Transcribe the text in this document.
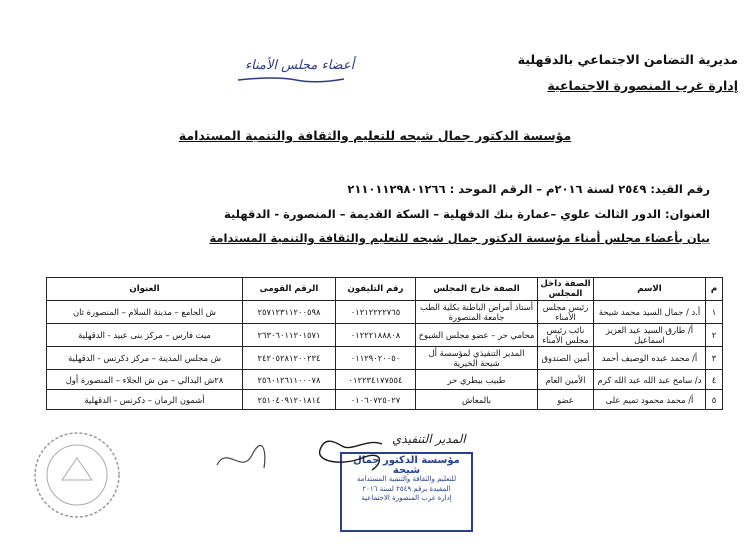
مديرية التضامن الاجتماعي بالدقهلية
إدارة غرب المنصورة الاجتماعية
أعضاء مجلس الأمناء
مؤسسة الدكتور جمال شيحه للتعليم والثقافة والتنمية المستدامة
رقم القيد: ٢٥٤٩ لسنة ٢٠١٦م – الرقم الموحد : ٢١١٠١١٢٩٨٠١٢٦٦
العنوان: الدور الثالث علوي –عمارة بنك الدقهلية – السكة القديمة – المنصورة - الدقهلية
بيان بأعضاء مجلس أمناء مؤسسة الدكتور جمال شيحه للتعليم والثقافة والتنمية المستدامة
م	الاسم	الصفة داخل المجلس	الصفة خارج المجلس	رقم التليفون	الرقم القومى	العنوان
١	أ.د / جمال السيد محمد شيحة	رئيس مجلس الأمناء	أستاذ أمراض الباطنة بكلية الطب جامعة المنصورة	٠١٢١٢٢٢٢٧٦٥	٢٥٧١٢٣١١٢٠٠٥٩٨	ش الجامع – مدينة السلام – المنصورة ثان
٢	أ/ طارق السيد عبد العزيز اسماعيل	نائب رئيس مجلس الأمناء	محامي حر – عضو مجلس الشيوخ	٠١٢٢٢١٨٨٨٠٨	٢٦٣٠٦٠١١٢٠١٥٧١	ميت فارس – مركز بنى عبيد - الدقهلية
٣	أ/ محمد عبده الوصيف أحمد	أمين الصندوق	المدير التنفيذي لمؤسسة أل شيحة الخيرية	٠١١٢٩٠٢٠٠٥٠	٢٤٢٠٥٢٨١٢٠٠٢٣٤	ش مجلس المدينة – مركز دكرنس - الدقهلية
٤	د/ سامح عبد الله عبد الله كرم	الأمين العام	طبيب بيطري حر	٠١٢٢٣٤١٧٧٥٥٤	٢٥٦٠١٢٦١١٠٠٠٧٨	٢٨ش البدالي – من ش الجلاء – المنصورة أول
٥	أ/ محمد محمود تميم على	عضو	بالمعاش	٠١٠٦٠٧٢٥٠٢٧	٢٥١٠٤٠٩١٢٠١٨١٤	أشمون الرمان – دكرنس - الدقهلية
المدير التنفيذي
مؤسسة الدكتور جمال شيحة
للتعليم والثقافة والتنمية المستدامة
المقيدة برقم ٢٥٤٩ لسنة ٢٠١٦
إدارة غرب المنصورة الاجتماعية
